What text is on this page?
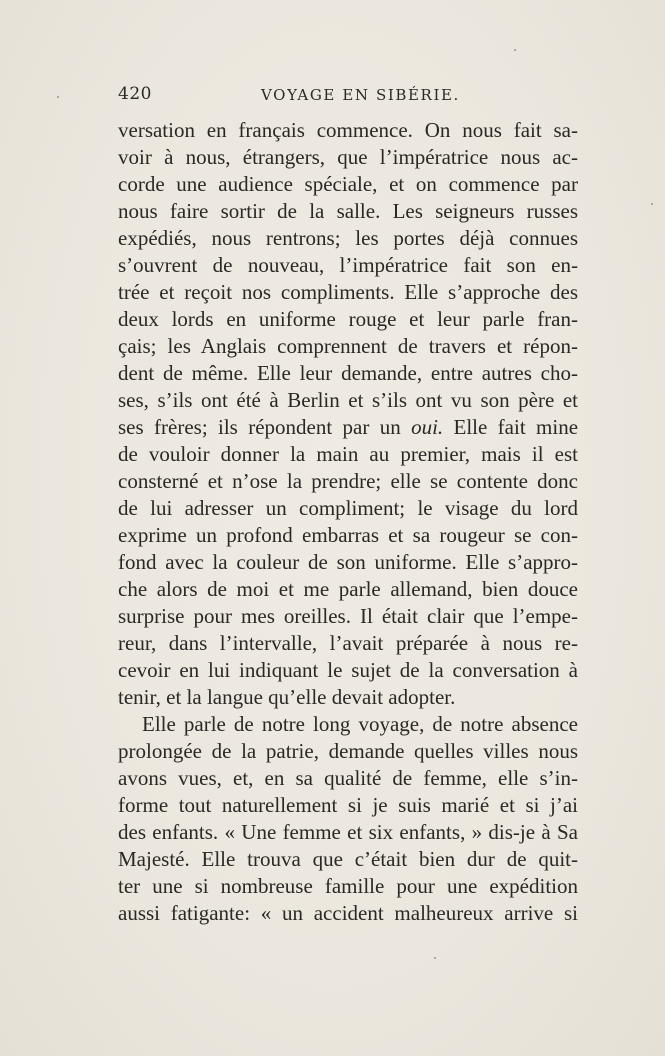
420	VOYAGE EN SIBÉRIE.
versation en français commence. On nous fait sa-
voir à nous, étrangers, que l’impératrice nous ac-
corde une audience spéciale, et on commence par
nous faire sortir de la salle. Les seigneurs russes
expédiés, nous rentrons; les portes déjà connues
s’ouvrent de nouveau, l’impératrice fait son en-
trée et reçoit nos compliments. Elle s’approche des
deux lords en uniforme rouge et leur parle fran-
çais; les Anglais comprennent de travers et répon-
dent de même. Elle leur demande, entre autres cho-
ses, s’ils ont été à Berlin et s’ils ont vu son père et
ses frères; ils répondent par un oui. Elle fait mine
de vouloir donner la main au premier, mais il est
consterné et n’ose la prendre; elle se contente donc
de lui adresser un compliment; le visage du lord
exprime un profond embarras et sa rougeur se con-
fond avec la couleur de son uniforme. Elle s’appro-
che alors de moi et me parle allemand, bien douce
surprise pour mes oreilles. Il était clair que l’empe-
reur, dans l’intervalle, l’avait préparée à nous re-
cevoir en lui indiquant le sujet de la conversation à
tenir, et la langue qu’elle devait adopter.
Elle parle de notre long voyage, de notre absence
prolongée de la patrie, demande quelles villes nous
avons vues, et, en sa qualité de femme, elle s’in-
forme tout naturellement si je suis marié et si j’ai
des enfants. « Une femme et six enfants, » dis-je à Sa
Majesté. Elle trouva que c’était bien dur de quit-
ter une si nombreuse famille pour une expédition
aussi fatigante: « un accident malheureux arrive si
